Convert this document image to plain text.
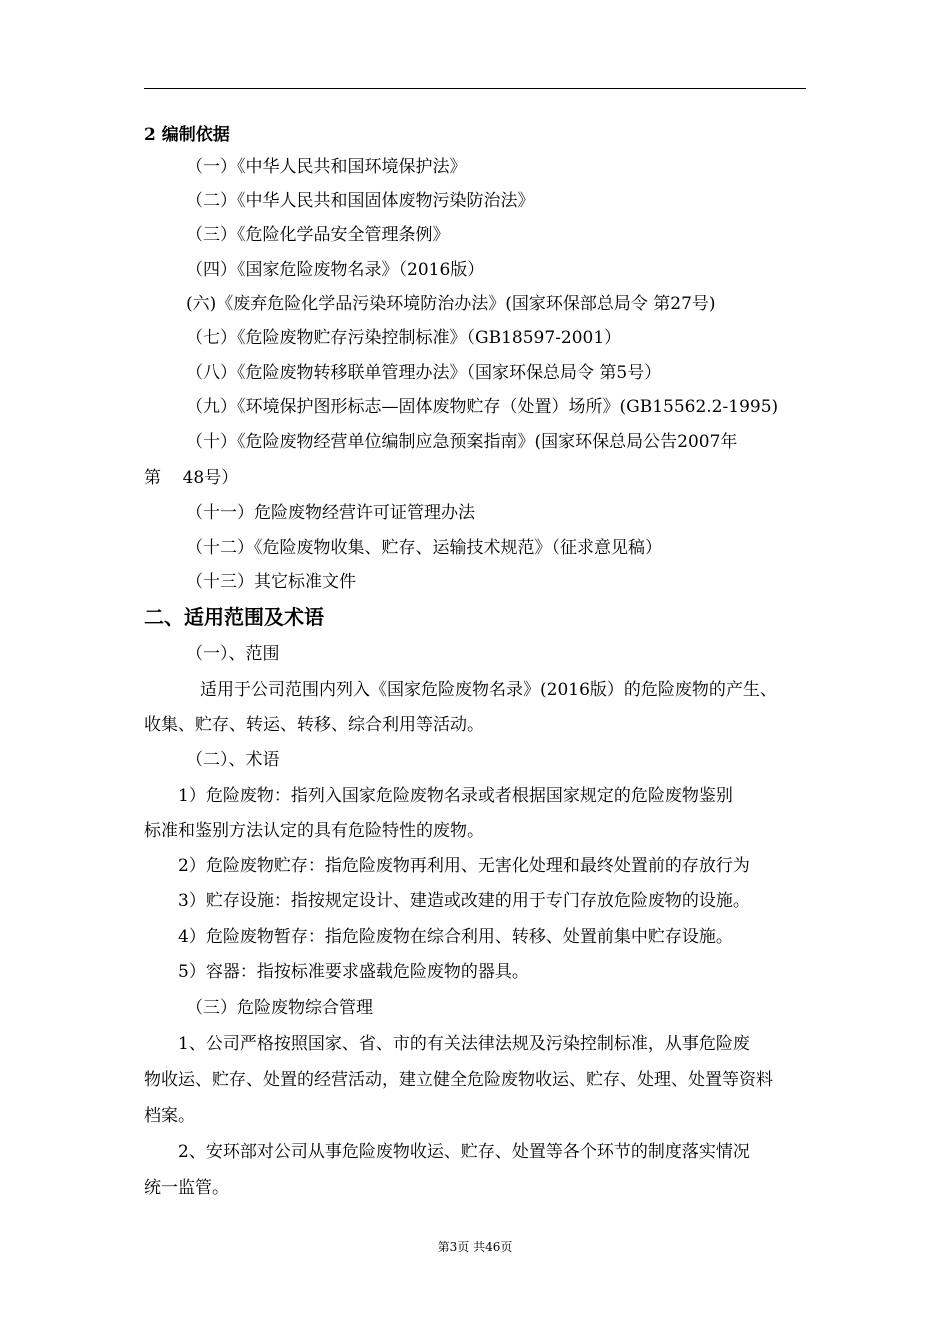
2 编制依据
（一）《中华人民共和国环境保护法》
（二）《中华人民共和国固体废物污染防治法》
（三）《危险化学品安全管理条例》
（四）《国家危险废物名录》（2016版）
(六)《废弃危险化学品污染环境防治办法》(国家环保部总局令 第27号)
（七）《危险废物贮存污染控制标准》（GB18597-2001）
（八）《危险废物转移联单管理办法》（国家环保总局令 第5号）
（九）《环境保护图形标志—固体废物贮存（处置）场所》(GB15562.2-1995)
（十）《危险废物经营单位编制应急预案指南》(国家环保总局公告2007年
第    48号）
（十一）危险废物经营许可证管理办法
（十二）《危险废物收集、贮存、运输技术规范》（征求意见稿）
（十三）其它标准文件
二、适用范围及术语
（一）、范围
适用于公司范围内列入《国家危险废物名录》(2016版）的危险废物的产生、
收集、贮存、转运、转移、综合利用等活动。
（二）、术语
1）危险废物：指列入国家危险废物名录或者根据国家规定的危险废物鉴别
标准和鉴别方法认定的具有危险特性的废物。
2）危险废物贮存：指危险废物再利用、无害化处理和最终处置前的存放行为
3）贮存设施：指按规定设计、建造或改建的用于专门存放危险废物的设施。
4）危险废物暂存：指危险废物在综合利用、转移、处置前集中贮存设施。
5）容器：指按标准要求盛载危险废物的器具。
（三）危险废物综合管理
1、公司严格按照国家、省、市的有关法律法规及污染控制标准，从事危险废
物收运、贮存、处置的经营活动，建立健全危险废物收运、贮存、处理、处置等资料
档案。
2、安环部对公司从事危险废物收运、贮存、处置等各个环节的制度落实情况
统一监管。
第3页 共46页
